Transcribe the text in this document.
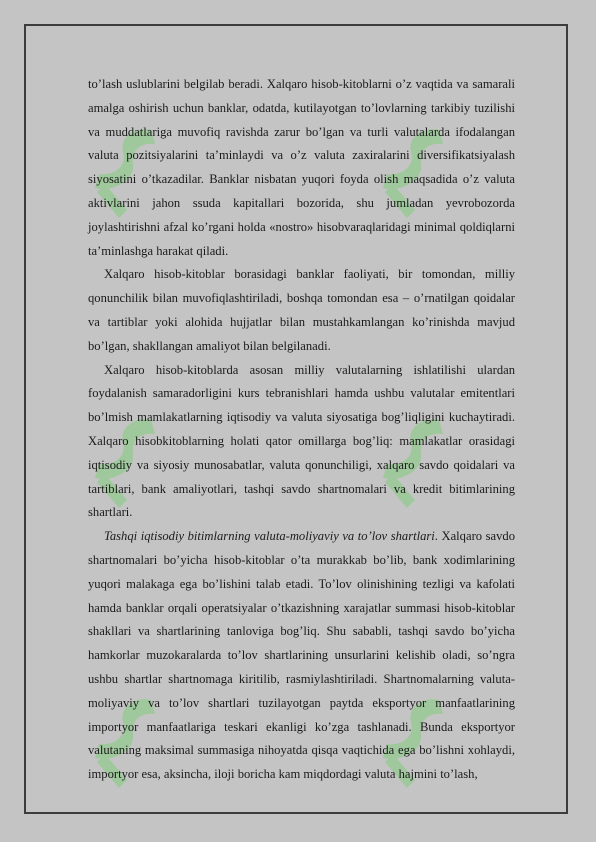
to’lash uslublarini belgilab beradi. Xalqaro hisob-kitoblarni o’z vaqtida va samarali amalga oshirish uchun banklar, odatda, kutilayotgan to’lovlarning tarkibiy tuzilishi va muddatlariga muvofiq ravishda zarur bo’lgan va turli valutalarda ifodalangan valuta pozitsiyalarini ta’minlaydi va o’z valuta zaxiralarini diversifikatsiyalash siyosatini o’tkazadilar. Banklar nisbatan yuqori foyda olish maqsadida o’z valuta aktivlarini jahon ssuda kapitallari bozorida, shu jumladan yevrobozorda joylashtirishni afzal ko’rgani holda «nostro» hisobvaraqlaridagi minimal qoldiqlarni ta’minlashga harakat qiladi.

Xalqaro hisob-kitoblar borasidagi banklar faoliyati, bir tomondan, milliy qonunchilik bilan muvofiqlashtiriladi, boshqa tomondan esa – o’rnatilgan qoidalar va tartiblar yoki alohida hujjatlar bilan mustahkamlangan ko’rinishda mavjud bo’lgan, shakllangan amaliyot bilan belgilanadi.

Xalqaro hisob-kitoblarda asosan milliy valutalarning ishlatilishi ulardan foydalanish samaradorligini kurs tebranishlari hamda ushbu valutalar emitentlari bo’lmish mamlakatlarning iqtisodiy va valuta siyosatiga bog’liqligini kuchaytiradi. Xalqaro hisobkitoblarning holati qator omillarga bog’liq: mamlakatlar orasidagi iqtisodiy va siyosiy munosabatlar, valuta qonunchiligi, xalqaro savdo qoidalari va tartiblari, bank amaliyotlari, tashqi savdo shartnomalari va kredit bitimlarining shartlari.

Tashqi iqtisodiy bitimlarning valuta-moliyaviy va to’lov shartlari. Xalqaro savdo shartnomalari bo’yicha hisob-kitoblar o’ta murakkab bo’lib, bank xodimlarining yuqori malakaga ega bo’lishini talab etadi. To’lov olinishining tezligi va kafolati hamda banklar orqali operatsiyalar o’tkazishning xarajatlar summasi hisob-kitoblar shakllari va shartlarining tanloviga bog’liq. Shu sababli, tashqi savdo bo’yicha hamkorlar muzokaralarda to’lov shartlarining unsurlarini kelishib oladi, so’ngra ushbu shartlar shartnomaga kiritilib, rasmiylashtiriladi. Shartnomalarning valuta-moliyaviy va to’lov shartlari tuzilayotgan paytda eksportyor manfaatlarining importyor manfaatlariga teskari ekanligi ko’zga tashlanadi. Bunda eksportyor valutaning maksimal summasiga nihoyatda qisqa vaqtichida ega bo’lishni xohlaydi, importyor esa, aksincha, iloji boricha kam miqdordagi valuta hajmini to’lash,
